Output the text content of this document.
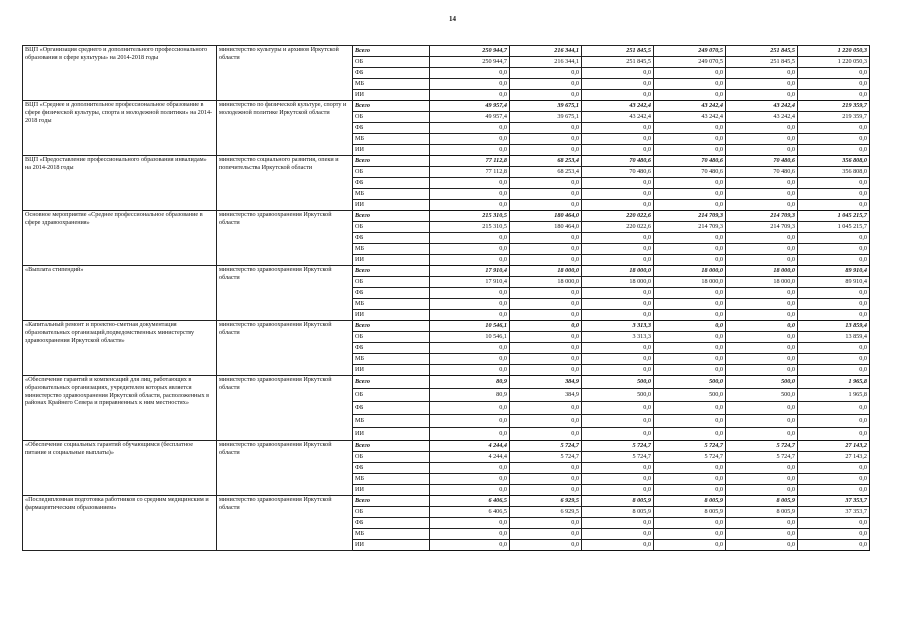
14
ВЦП «Организация среднего и дополнительного профессионального образования в сфере культуры» на 2014-2018 годы	министерство культуры и архивов Иркутской области	Всего	250 944,7	216 344,1	251 845,5	249 070,5	251 845,5	1 220 050,3
		ОБ	250 944,7	216 344,1	251 845,5	249 070,5	251 845,5	1 220 050,3
		ФБ	0,0	0,0	0,0	0,0	0,0	0,0
		МБ	0,0	0,0	0,0	0,0	0,0	0,0
		ИИ	0,0	0,0	0,0	0,0	0,0	0,0
ВЦП «Среднее и дополнительное профессиональное образование в сфере физической культуры, спорта и молодежной политики» на 2014-2018 годы	министерство по физической культуре, спорту и молодежной политике Иркутской области	Всего	49 957,4	39 675,1	43 242,4	43 242,4	43 242,4	219 359,7
		ОБ	49 957,4	39 675,1	43 242,4	43 242,4	43 242,4	219 359,7
		ФБ	0,0	0,0	0,0	0,0	0,0	0,0
		МБ	0,0	0,0	0,0	0,0	0,0	0,0
		ИИ	0,0	0,0	0,0	0,0	0,0	0,0
ВЦП «Предоставление профессионального образования инвалидам» на 2014-2018 годы	министерство социального развития, опеки и попечительства Иркутской области	Всего	77 112,8	68 253,4	70 480,6	70 480,6	70 480,6	356 808,0
		ОБ	77 112,8	68 253,4	70 480,6	70 480,6	70 480,6	356 808,0
		ФБ	0,0	0,0	0,0	0,0	0,0	0,0
		МБ	0,0	0,0	0,0	0,0	0,0	0,0
		ИИ	0,0	0,0	0,0	0,0	0,0	0,0
Основное мероприятие «Среднее профессиональное образование в сфере здравоохранения»	министерство здравоохранения Иркутской области	Всего	215 310,5	180 464,0	220 022,6	214 709,3	214 709,3	1 045 215,7
		ОБ	215 310,5	180 464,0	220 022,6	214 709,3	214 709,3	1 045 215,7
		ФБ	0,0	0,0	0,0	0,0	0,0	0,0
		МБ	0,0	0,0	0,0	0,0	0,0	0,0
		ИИ	0,0	0,0	0,0	0,0	0,0	0,0
«Выплата стипендий»	министерство здравоохранения Иркутской области	Всего	17 910,4	18 000,0	18 000,0	18 000,0	18 000,0	89 910,4
		ОБ	17 910,4	18 000,0	18 000,0	18 000,0	18 000,0	89 910,4
		ФБ	0,0	0,0	0,0	0,0	0,0	0,0
		МБ	0,0	0,0	0,0	0,0	0,0	0,0
		ИИ	0,0	0,0	0,0	0,0	0,0	0,0
«Капитальный ремонт и проектно-сметная документация образовательных организаций,подведомственных министерству здравоохранения Иркутской области»	министерство здравоохранения Иркутской области	Всего	10 546,1	0,0	3 313,3	0,0	0,0	13 859,4
		ОБ	10 546,1	0,0	3 313,3	0,0	0,0	13 859,4
		ФБ	0,0	0,0	0,0	0,0	0,0	0,0
		МБ	0,0	0,0	0,0	0,0	0,0	0,0
		ИИ	0,0	0,0	0,0	0,0	0,0	0,0
«Обеспечение гарантий и компенсаций для лиц, работающих в образовательных организациях, учредителем которых является министерство здравоохранения Иркутской области, расположенных в районах Крайнего Севера и приравненных к ним местностях»	министерство здравоохранения Иркутской области	Всего	80,9	384,9	500,0	500,0	500,0	1 965,8
		ОБ	80,9	384,9	500,0	500,0	500,0	1 965,8
		ФБ	0,0	0,0	0,0	0,0	0,0	0,0
		МБ	0,0	0,0	0,0	0,0	0,0	0,0
		ИИ	0,0	0,0	0,0	0,0	0,0	0,0
«Обеспечение социальных гарантий обучающимся (бесплатное питание и социальные выплаты)»	министерство здравоохранения Иркутской области	Всего	4 244,4	5 724,7	5 724,7	5 724,7	5 724,7	27 143,2
		ОБ	4 244,4	5 724,7	5 724,7	5 724,7	5 724,7	27 143,2
		ФБ	0,0	0,0	0,0	0,0	0,0	0,0
		МБ	0,0	0,0	0,0	0,0	0,0	0,0
		ИИ	0,0	0,0	0,0	0,0	0,0	0,0
«Последипломная подготовка работников со средним медицинским и фармацевтическим образованием»	министерство здравоохранения Иркутской области	Всего	6 406,5	6 929,5	8 005,9	8 005,9	8 005,9	37 353,7
		ОБ	6 406,5	6 929,5	8 005,9	8 005,9	8 005,9	37 353,7
		ФБ	0,0	0,0	0,0	0,0	0,0	0,0
		МБ	0,0	0,0	0,0	0,0	0,0	0,0
		ИИ	0,0	0,0	0,0	0,0	0,0	0,0
